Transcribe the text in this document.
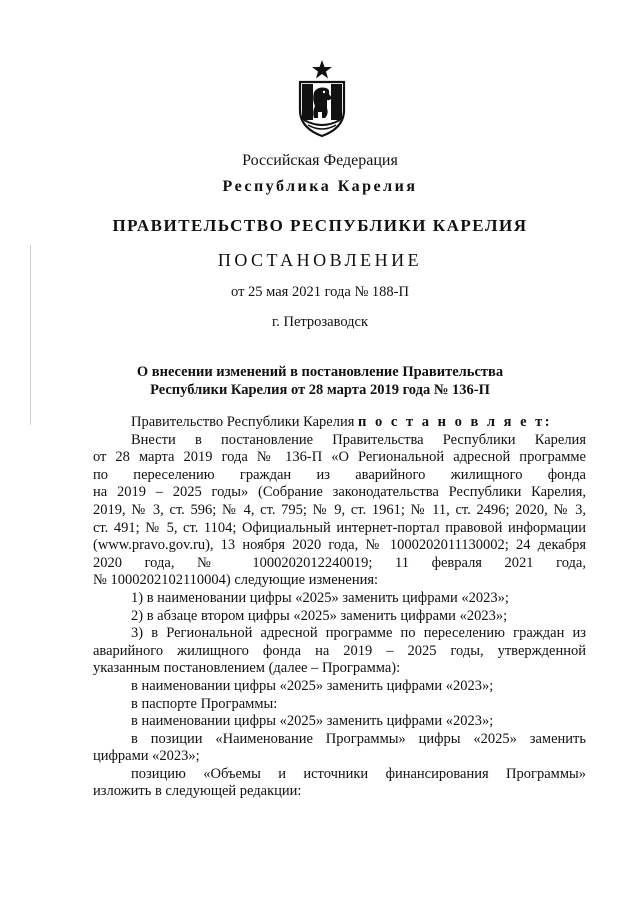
Российская Федерация
Республика Карелия
ПРАВИТЕЛЬСТВО РЕСПУБЛИКИ КАРЕЛИЯ
ПОСТАНОВЛЕНИЕ
от 25 мая 2021 года № 188-П
г. Петрозаводск
О внесении изменений в постановление Правительства
Республики Карелия от 28 марта 2019 года № 136-П
Правительство Республики Карелия п о с т а н о в л я е т:
Внести в постановление Правительства Республики Карелия
от 28 марта 2019 года № 136-П «О Региональной адресной программе
по переселению граждан из аварийного жилищного фонда
на 2019 – 2025 годы» (Собрание законодательства Республики Карелия,
2019, № 3, ст. 596; № 4, ст. 795; № 9, ст. 1961; № 11, ст. 2496; 2020, № 3,
ст. 491; № 5, ст. 1104; Официальный интернет-портал правовой информации
(www.pravo.gov.ru), 13 ноября 2020 года, № 1000202011130002; 24 декабря
2020 года, № 1000202012240019; 11 февраля 2021 года,
№ 1000202102110004) следующие изменения:
1) в наименовании цифры «2025» заменить цифрами «2023»;
2) в абзаце втором цифры «2025» заменить цифрами «2023»;
3) в Региональной адресной программе по переселению граждан из
аварийного жилищного фонда на 2019 – 2025 годы, утвержденной
указанным постановлением (далее – Программа):
в наименовании цифры «2025» заменить цифрами «2023»;
в паспорте Программы:
в наименовании цифры «2025» заменить цифрами «2023»;
в позиции «Наименование Программы» цифры «2025» заменить
цифрами «2023»;
позицию «Объемы и источники финансирования Программы»
изложить в следующей редакции:
